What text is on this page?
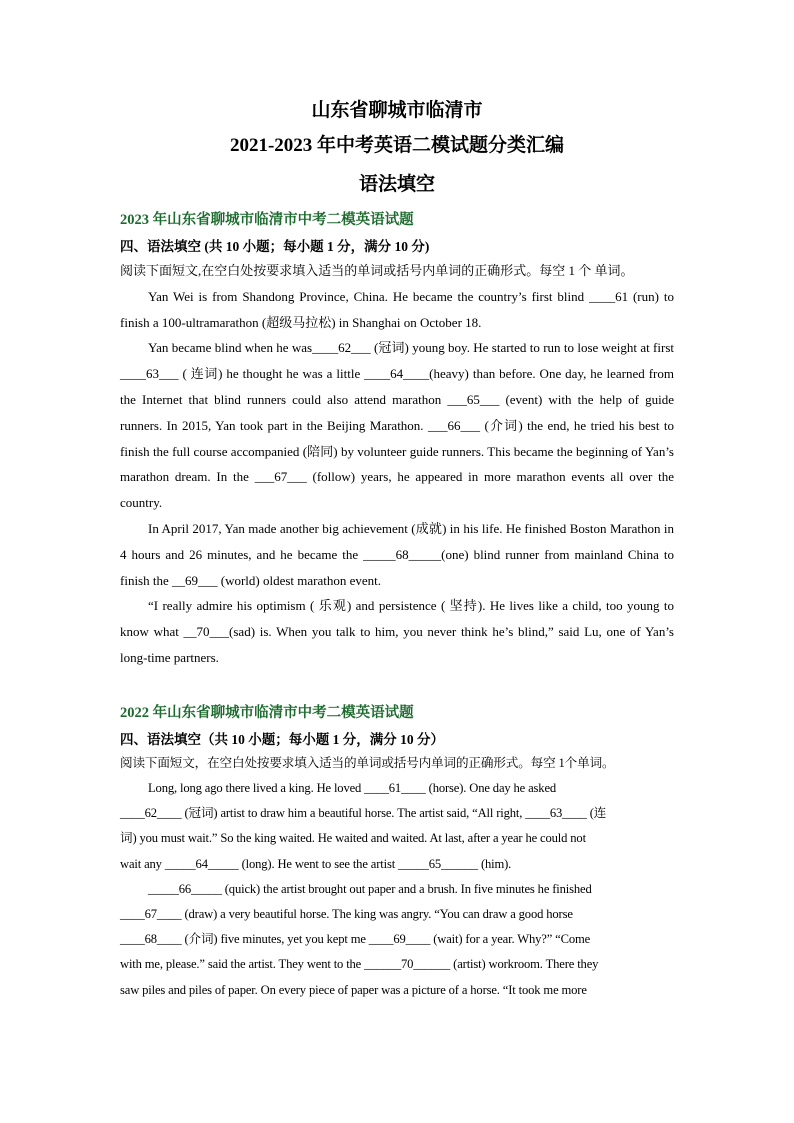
山东省聊城市临清市
2021-2023 年中考英语二模试题分类汇编
语法填空
2023 年山东省聊城市临清市中考二模英语试题
四、语法填空 (共 10 小题；每小题 1 分，满分 10 分)

阅读下面短文,在空白处按要求填入适当的单词或括号内单词的正确形式。每空 1 个 单词。

Yan Wei is from Shandong Province, China. He became the country’s first blind ____61 (run) to finish a 100-ultramarathon (超级马拉松) in Shanghai on October 18.

Yan became blind when he was____62___ (冠词) young boy. He started to run to lose weight at first ____63___ ( 连词) he thought he was a little ____64____(heavy) than before. One day, he learned from the Internet that blind runners could also attend marathon ___65___ (event) with the help of guide runners. In 2015, Yan took part in the Beijing Marathon. ___66___ (介词) the end, he tried his best to finish the full course accompanied (陪同) by volunteer guide runners. This became the beginning of Yan’s marathon dream. In the ___67___ (follow) years, he appeared in more marathon events all over the country.

In April 2017, Yan made another big achievement (成就) in his life. He finished Boston Marathon in 4 hours and 26 minutes, and he became the _____68_____(one) blind runner from mainland China to finish the __69___ (world) oldest marathon event.

“I really admire his optimism ( 乐观) and persistence ( 坚持). He lives like a child, too young to know what __70___(sad) is. When you talk to him, you never think he’s blind,” said Lu, one of Yan’s long-time partners.

2022 年山东省聊城市临清市中考二模英语试题
四、语法填空（共 10 小题；每小题 1 分，满分 10 分）

阅读下面短文，在空白处按要求填入适当的单词或括号内单词的正确形式。每空 1个单词。

Long, long ago there lived a king. He loved ____61____ (horse). One day he asked

____62____ (冠词) artist to draw him a beautiful horse. The artist said, “All right, ____63____ (连

词) you must wait.” So the king waited. He waited and waited. At last, after a year he could not

wait any _____64_____ (long). He went to see the artist _____65______ (him).

_____66_____ (quick) the artist brought out paper and a brush. In five minutes he finished

____67____ (draw) a very beautiful horse. The king was angry. “You can draw a good horse

____68____ (介词) five minutes, yet you kept me ____69____ (wait) for a year. Why?” “Come

with me, please.” said the artist. They went to the ______70______ (artist) workroom. There they

saw piles and piles of paper. On every piece of paper was a picture of a horse. “It took me more
